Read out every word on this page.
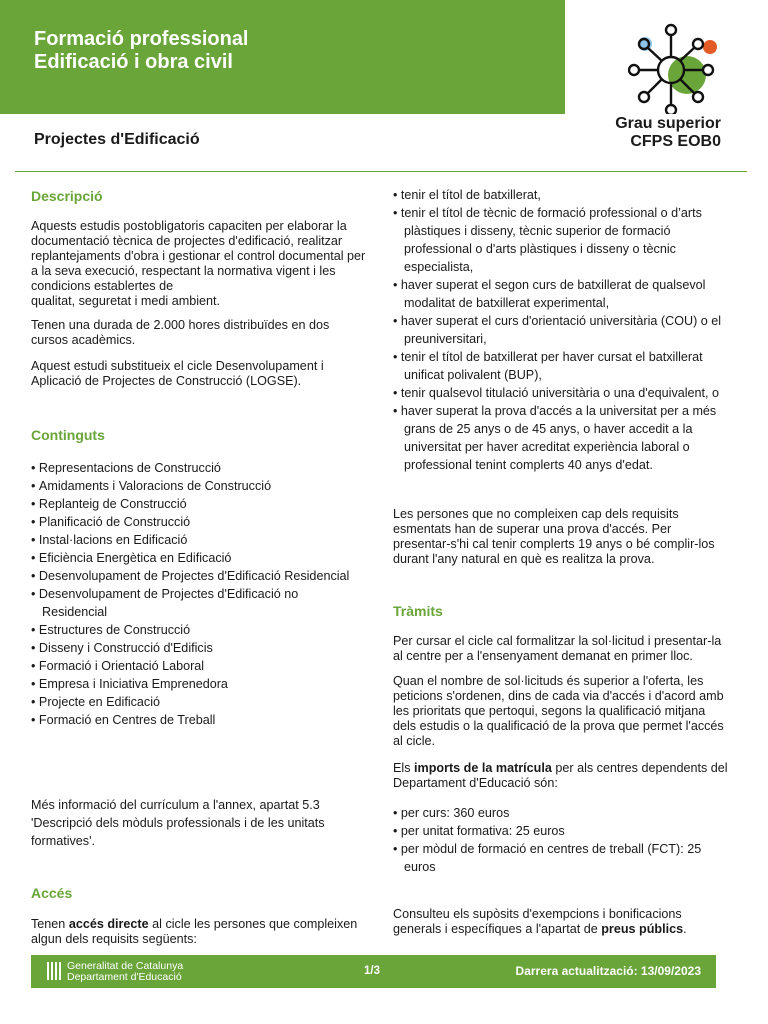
Formació professional
Edificació i obra civil
Projectes d'Edificació
Grau superior
CFPS EOB0
Descripció

Aquests estudis postobligatoris capaciten per elaborar la

documentació tècnica de projectes d'edificació, realitzar

replantejaments d'obra i gestionar el control documental per

a la seva execució, respectant la normativa vigent i les

condicions establertes de

qualitat, seguretat i medi ambient.

Tenen una durada de 2.000 hores distribuïdes en dos

cursos acadèmics.

Aquest estudi substitueix el cicle Desenvolupament i

Aplicació de Projectes de Construcció (LOGSE).

Continguts
• Representacions de Construcció
• Amidaments i Valoracions de Construcció
• Replanteig de Construcció
• Planificació de Construcció
• Instal·lacions en Edificació
• Eficiència Energètica en Edificació
• Desenvolupament de Projectes d'Edificació Residencial
• Desenvolupament de Projectes d'Edificació no Residencial
• Estructures de Construcció
• Disseny i Construcció d'Edificis
• Formació i Orientació Laboral
• Empresa i Iniciativa Emprenedora
• Projecte en Edificació
• Formació en Centres de Treball

Més informació del currículum a l'annex, apartat 5.3

'Descripció dels mòduls professionals i de les unitats

formatives'.

Accés

Tenen accés directe al cicle les persones que compleixen

algun dels requisits següents:

• tenir el títol de batxillerat,
• tenir el títol de tècnic de formació professional o d’arts plàstiques i disseny, tècnic superior de formació professional o d'arts plàstiques i disseny o tècnic especialista,
• haver superat el segon curs de batxillerat de qualsevol modalitat de batxillerat experimental,
• haver superat el curs d'orientació universitària (COU) o el preuniversitari,
• tenir el títol de batxillerat per haver cursat el batxillerat unificat polivalent (BUP),
• tenir qualsevol titulació universitària o una d'equivalent, o
• haver superat la prova d'accés a la universitat per a més grans de 25 anys o de 45 anys, o haver accedit a la universitat per haver acreditat experiència laboral o professional tenint complerts 40 anys d'edat.

Les persones que no compleixen cap dels requisits

esmentats han de superar una prova d'accés. Per

presentar-s'hi cal tenir complerts 19 anys o bé complir-los

durant l'any natural en què es realitza la prova.

Tràmits

Per cursar el cicle cal formalitzar la sol·licitud i presentar-la

al centre per a l'ensenyament demanat en primer lloc.

Quan el nombre de sol·licituds és superior a l'oferta, les

peticions s'ordenen, dins de cada via d'accés i d'acord amb

les prioritats que pertoqui, segons la qualificació mitjana

dels estudis o la qualificació de la prova que permet l'accés

al cicle.

Els imports de la matrícula per als centres dependents del

Departament d'Educació són:

• per curs: 360 euros
• per unitat formativa: 25 euros
• per mòdul de formació en centres de treball (FCT): 25 euros

Consulteu els supòsits d'exempcions i bonificacions

generals i específiques a l'apartat de preus públics.

Generalitat de Catalunya
Departament d'Educació	1/3	Darrera actualització: 13/09/2023
